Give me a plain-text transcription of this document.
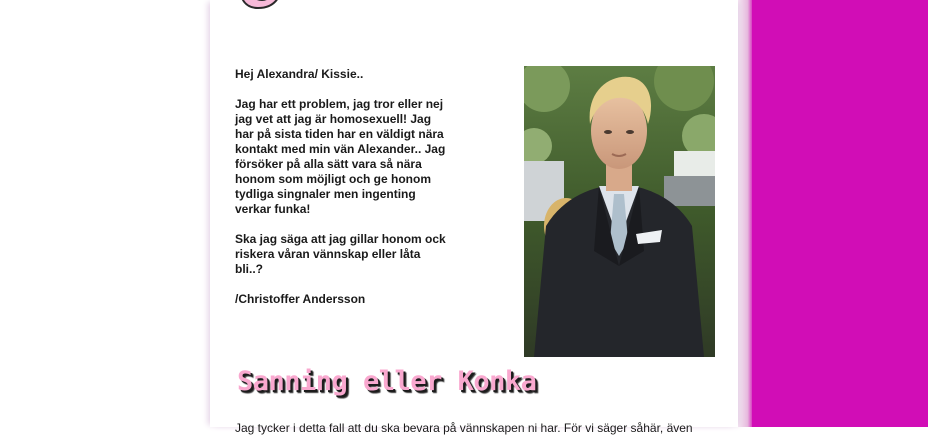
Hej Alexandra/ Kissie..

Jag har ett problem, jag tror eller nej jag vet att jag är homosexuell! Jag har på sista tiden har en väldigt nära kontakt med min vän Alexander.. Jag försöker på alla sätt vara så nära honom som möjligt och ge honom tydliga singnaler men ingenting verkar funka!

Ska jag säga att jag gillar honom ock riskera våran vännskap eller låta bli..?

/Christoffer Andersson

Sanning eller Konka
Jag tycker i detta fall att du ska bevara på vännskapen ni har. För vi säger såhär, även
